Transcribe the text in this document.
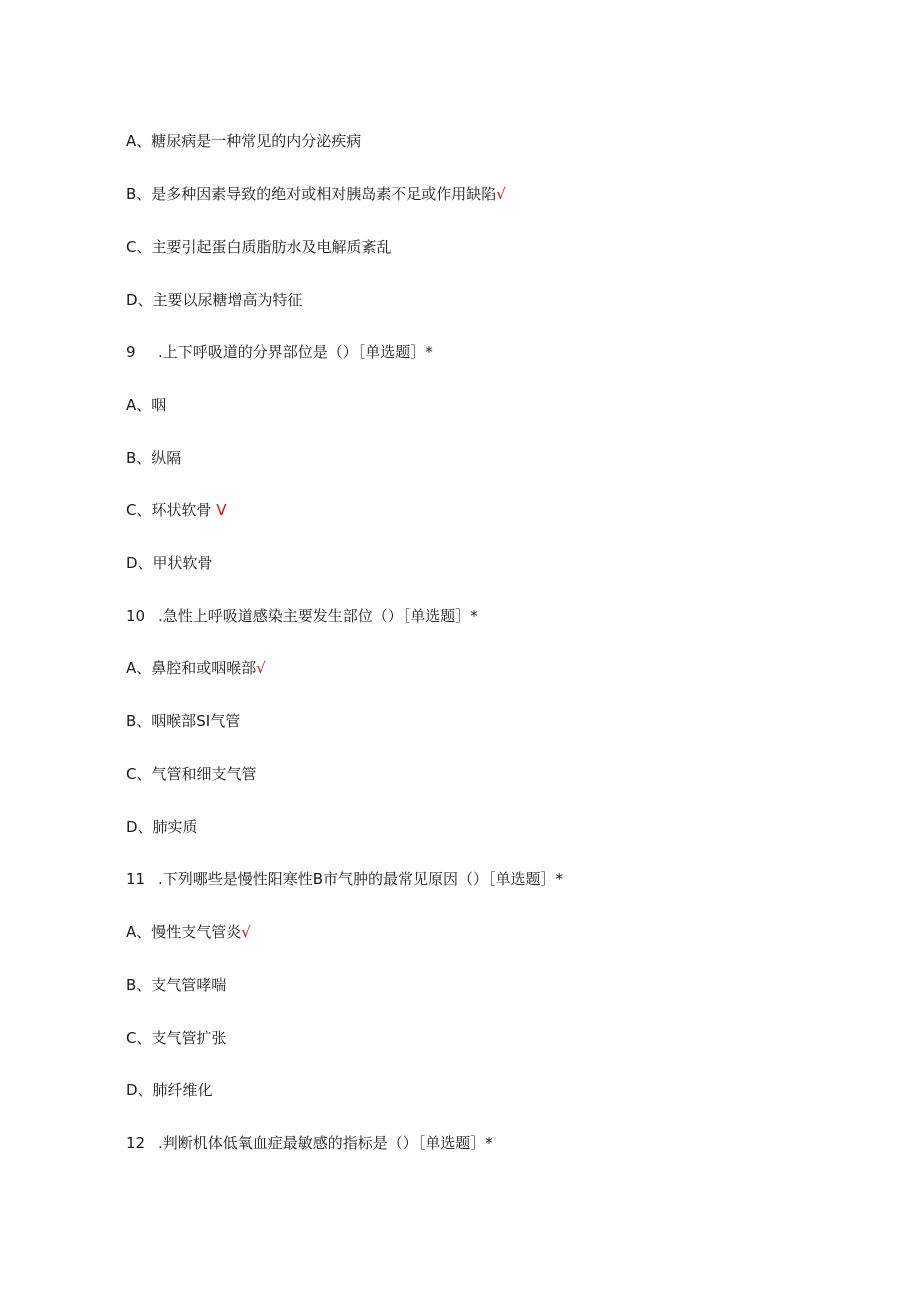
A、糖尿病是一种常见的内分泌疾病
B、是多种因素导致的绝对或相对胰岛素不足或作用缺陷√
C、主要引起蛋白质脂肪水及电解质紊乱
D、主要以尿糖增高为特征
9 .上下呼吸道的分界部位是（）［单选题］*
A、咽
B、纵隔
C、环状软骨 V
D、甲状软骨
10 .急性上呼吸道感染主要发生部位（）［单选题］*
A、鼻腔和或咽喉部√
B、咽喉部SI气管
C、气管和细支气管
D、肺实质
11 .下列哪些是慢性阳寒性B市气肿的最常见原因（）［单选题］*
A、慢性支气管炎√
B、支气管哮喘
C、支气管扩张
D、肺纤维化
12 .判断机体低氧血症最敏感的指标是（）［单选题］*
